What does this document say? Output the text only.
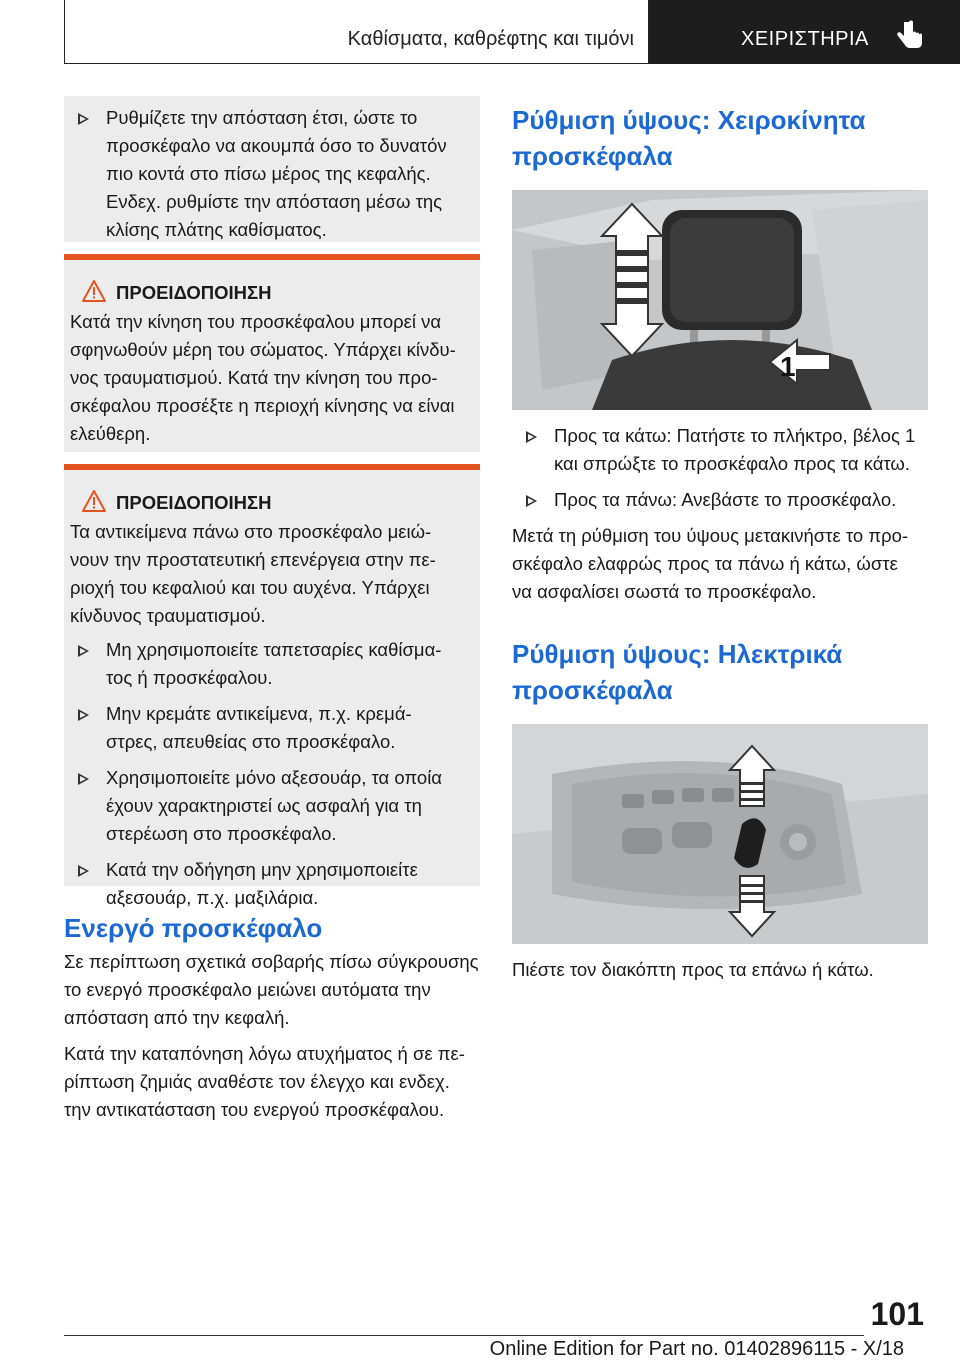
Καθίσματα, καθρέφτης και τιμόνι	ΧΕΙΡΙΣΤΗΡΙΑ
Ρυθμίζετε την απόσταση έτσι, ώστε το
προσκέφαλο να ακουμπά όσο το δυνατόν
πιο κοντά στο πίσω μέρος της κεφαλής.
Ενδεχ. ρυθμίστε την απόσταση μέσω της
κλίσης πλάτης καθίσματος.
ΠΡΟΕΙΔΟΠΟΙΗΣΗ
Κατά την κίνηση του προσκέφαλου μπορεί να
σφηνωθούν μέρη του σώματος. Υπάρχει κίνδυ-
νος τραυματισμού. Κατά την κίνηση του προ-
σκέφαλου προσέξτε η περιοχή κίνησης να είναι
ελεύθερη.
ΠΡΟΕΙΔΟΠΟΙΗΣΗ
Τα αντικείμενα πάνω στο προσκέφαλο μειώ-
νουν την προστατευτική επενέργεια στην πε-
ριοχή του κεφαλιού και του αυχένα. Υπάρχει
κίνδυνος τραυματισμού.
Μη χρησιμοποιείτε ταπετσαρίες καθίσμα-
τος ή προσκέφαλου.
Μην κρεμάτε αντικείμενα, π.χ. κρεμά-
στρες, απευθείας στο προσκέφαλο.
Χρησιμοποιείτε μόνο αξεσουάρ, τα οποία
έχουν χαρακτηριστεί ως ασφαλή για τη
στερέωση στο προσκέφαλο.
Κατά την οδήγηση μην χρησιμοποιείτε
αξεσουάρ, π.χ. μαξιλάρια.
Ενεργό προσκέφαλο
Σε περίπτωση σχετικά σοβαρής πίσω σύγκρουσης
το ενεργό προσκέφαλο μειώνει αυτόματα την
απόσταση από την κεφαλή.
Κατά την καταπόνηση λόγω ατυχήματος ή σε πε-
ρίπτωση ζημιάς αναθέστε τον έλεγχο και ενδεχ.
την αντικατάσταση του ενεργού προσκέφαλου.
Ρύθμιση ύψους: Χειροκίνητα
προσκέφαλα
1
Προς τα κάτω: Πατήστε το πλήκτρο, βέλος 1
και σπρώξτε το προσκέφαλο προς τα κάτω.
Προς τα πάνω: Ανεβάστε το προσκέφαλο.
Μετά τη ρύθμιση του ύψους μετακινήστε το προ-
σκέφαλο ελαφρώς προς τα πάνω ή κάτω, ώστε
να ασφαλίσει σωστά το προσκέφαλο.
Ρύθμιση ύψους: Ηλεκτρικά
προσκέφαλα
Πιέστε τον διακόπτη προς τα επάνω ή κάτω.
101
Online Edition for Part no. 01402896115 - X/18
